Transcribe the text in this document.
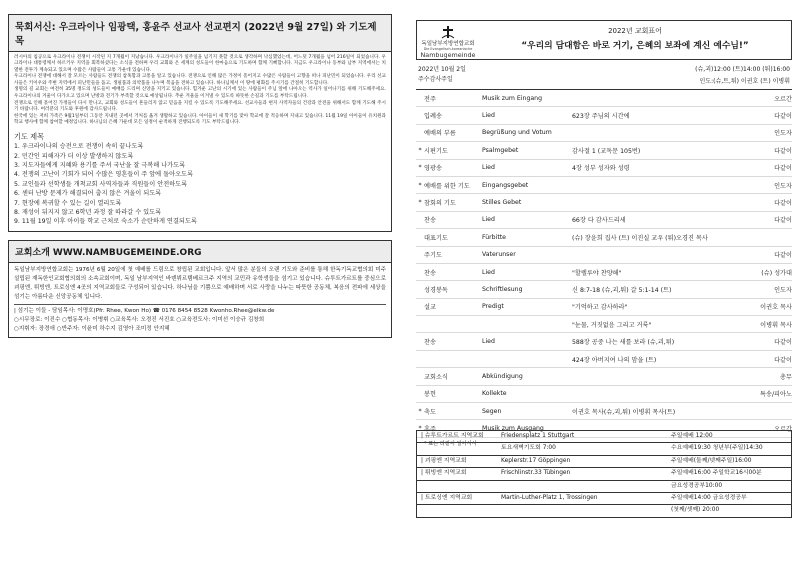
묵회서신: 우크라이나 임광택, 홍윤주 선교사 선교편지 (2022년 9월 27일) 와 기도제목

러시아의 침공으로 우크라이나 전쟁이 시작된 지 7개월이 지났습니다. 우크라이나가 일주일을 넘기지 못할 것으로 생각하며 낙심했었는데, 어느덧 7개월을 넘어 216일이 되었습니다. 우크라이나 대통령께서 하르키우 지역을 회복하셨다는 소식을 전하며 우리 교회와 온 세계의 성도들이 한마음으로 기도하며 함께 기뻐합니다. 지금도 우크라이나 동부와 남부 지역에서는 치열한 전투가 계속되고 있으며 수많은 사람들이 고통 가운데 있습니다.

우크라이나 전쟁에 대해서 잘 모르는 사람들도 전쟁의 참혹함과 고통을 알고 있습니다. 전쟁으로 인해 많은 가정이 흩어지고 수많은 사람들이 고향을 떠나 피난민이 되었습니다. 우리 선교사들은 키이우와 주변 지역에서 피난민들을 돕고, 생필품과 의약품을 나누며 복음을 전하고 있습니다. 하나님께서 이 땅에 평화를 주시기를 간절히 기도합니다.

생명의 길 교회는 여전히 35명 정도의 성도들이 예배를 드리며 신앙을 지키고 있습니다. 힘겨운 고난의 시기에 있는 사람들이 주님 앞에 나아오는 역사가 일어나기를 위해 기도해주세요. 우크라이나의 겨울이 다가오고 있으며 난방과 전기가 부족할 것으로 예상됩니다. 추운 겨울을 이겨낼 수 있도록 따뜻한 손길과 기도를 부탁드립니다.

전쟁으로 인해 흩어진 가정들이 다시 만나고, 교회와 성도들이 흔들리지 않고 믿음을 지킬 수 있도록 기도해주세요. 선교사들과 현지 사역자들의 건강과 안전을 위해서도 함께 기도해 주시기 바랍니다. 여러분의 기도와 후원에 감사드립니다.

한국에 있는 저희 가족은 9월1일부터 그동안 지내던 곳에서 거처를 옮겨 생활하고 있습니다. 아이들이 새 학기를 맞아 학교에 잘 적응하며 지내고 있습니다. 11월 19일 아이들이 유치원과 학교 행사에 함께 참여할 예정입니다. 하나님의 은혜 가운데 모든 일정이 순적하게 진행되도록 기도 부탁드립니다.

기도 제목
1. 우크라이나의 승전으로 전쟁이 속히 끝나도록
2. 민간인 피해자가 더 이상 발생하지 않도록
3. 지도자들에게 지혜와 용기를 주셔 국난을 잘 극복해 나가도록
4. 전쟁의 고난이 기회가 되어 수많은 영혼들이 주 앞에 돌아오도록
5. 교인들과 선학생들 개척교회 사역자들과 직원들이 안전하도록
6. 센터 난방 문제가 해결되어 춥지 않은 겨울이 되도록
7. 현장에 복귀할 수 있는 길이 열리도록
8. 재성이 뒤지지 않고 6학년 과정 잘 따라갈 수 있도록
9. 11월 19일 이후 아이들 학교 근처로 숙소가 순탄하게 연결되도록
교회소개 WWW.NAMBUGEMEINDE.ORG
독일남부지방연합교회는 1976년 6월 20일에 첫 예배를 드림으로 창립된 교회입니다. 앞서 많은 분들의 오랜 기도와 준비를 통해 한독기독교협의회 미주 설립된 재독한인교회협의회의 소속교회이며, 독일 남부지역인 바덴뷔르템베르크주 지역의 교민과 유학생들을 섬기고 있습니다. 슈투트가르트를 중심으로 괴핑엔, 튀빙엔, 트로싱엔 4곳의 지역교회들로 구성되어 있습니다. 하나님을 기쁨으로 예배하며 서로 사랑을 나누는 따뜻한 공동체, 복음의 전파에 세상을 섬기는 아름다운 신앙공동체 입니다.
| 섬기는 이들 - 담임목사: 이명호(Pfr. Rhee, Kwon Ho) ☎ 0176 8454 8528 Kwonho.Rhee@elkw.de
○시무장로: 이진수 ○협동목사: 이병휘 ○교육목사: 오경진 서진호 ○교육전도사: 이미선 이승규 김창희
○지휘자: 장경애 ○반주자: 이윤미 하수지 김영아 조미정 안지혜
독일남부지방연합교회
Die Evangelisch-koreanische
Nambugemeinde
2022년 교회표어
“우리의 담대함은 바로 거기, 은혜의 보좌에 계신 예수님!”
2022년 10월 2일	(슈,괴)12:00 (트)14:00 (튀)16:00
주수감사주일	인도:(슈,트,튀) 이귄호 (트) 이병휘
전주	Musik zum Eingang	오르간
입례송	Lied	623장 주님의 시간에	다같이
예배의 부름	Begrüßung und Votum	인도자
* 시편기도	Psalmgebet	감사절 1 (교독문 105번)	다같이
* 영광송	Lied	4장 성부 성자와 성령	다같이
* 예배를 위한 기도	Eingangsgebet	인도자
* 참회의 기도	Stilles Gebet	다같이
찬송	Lied	66장 다 감사드리세	다같이
대표기도	Fürbitte	(슈) 장윤희 집사 (트) 이진실 교우 (튀)오경진 목사
주기도	Vaterunser	다같이
찬송	Lied	"할렐루야 찬양해"	(슈) 성가대
성경봉독	Schriftlesung	신 8:7-18 (슈,괴,튀) 갈 5:1-14 (트)	인도자
설교	Predigt	"기억하고 감사하라"	이귄호 목사
"눈물, 거짓없음 그리고 거룩"	이병휘 목사
찬송	Lied	588장 공중 나는 새를 보라 (슈,괴,튀)	다같이
424장 아버지여 나의 맘을 (트)	다같이
교회소식	Abkündigung	총무
봉헌	Kollekte	특송/피아노
* 축도	Segen	이귄호 목사(슈,괴,튀) 이병휘 목사(트)
* 후주	Musik zum Ausgang	오르간
* 표는 다같이 일어서서
| 슈투트가르트 지역교회	Friedensplatz 1 Stuttgart	주일예배 12:00
토요새벽기도회 7:00	수요예배19:30 청년부(주일)14:30
| 괴핑엔 지역교회	Keplerstr.17 Göppingen	주일예배(둘째/넷째주일)16:00
| 튀빙엔 지역교회	Frischlinstr.33 Tübingen	주일예배16:00 주일학교16시00분
금요성경공부10:00
| 트로싱엔 지역교회	Martin-Luther-Platz 1, Trossingen	주일예배14:00 금요성경공부
(첫째/셋째) 20:00
